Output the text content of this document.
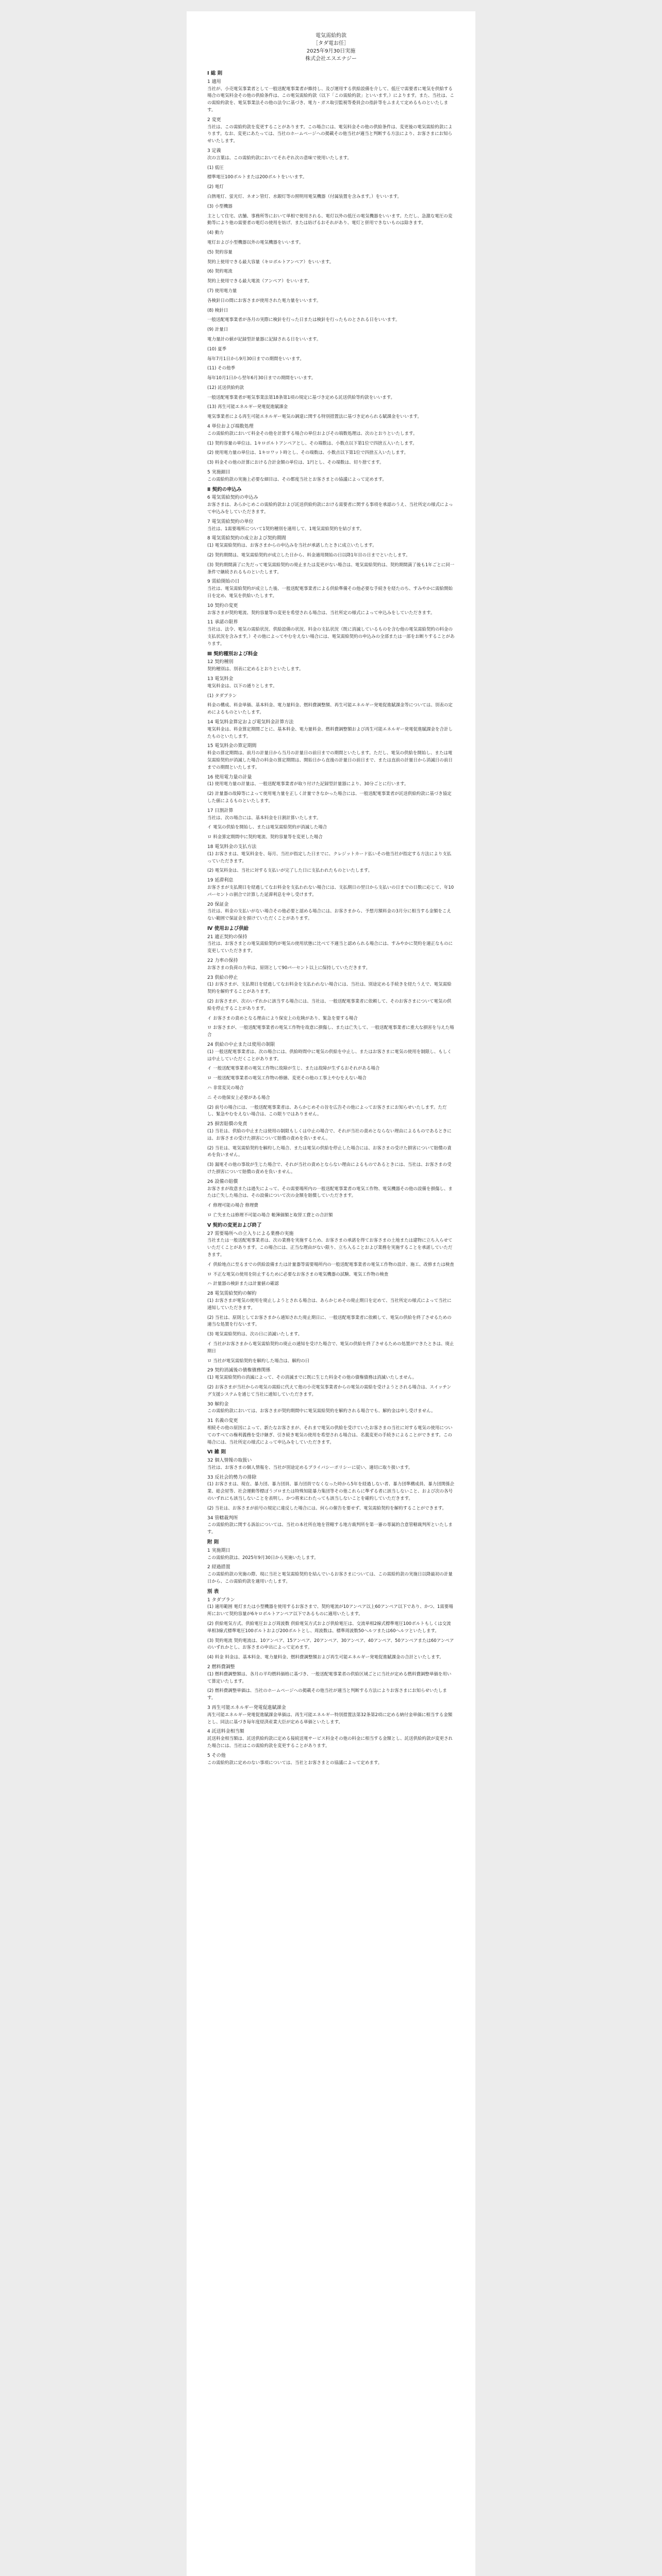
電気需給約款
［タダ電お任］
2025年9月30日実施
株式会社エスエナジー
Ⅰ 総 則
1 適用
当社が、小売電気事業者として一般送配電事業者が維持し、及び運用する供給設備を介して、低圧で需要者に電気を供給する場合の電気料金その他の供給条件は、この電気需給約款（以下「この需給約款」といいます。）によります。また、当社は、この需給約款を、電気事業法その他の法令に基づき、電力・ガス取引監視等委員会の指針等をふまえて定めるものといたします。
2 変更
当社は、この需給約款を変更することがあります。この場合には、電気料金その他の供給条件は、変更後の電気需給約款によります。なお、変更にあたっては、当社のホームページへの掲載その他当社が適当と判断する方法により、お客さまにお知らせいたします。
3 定義
次の言葉は、この需給約款においてそれぞれ次の意味で使用いたします。
(1) 低圧
標準電圧100ボルトまたは200ボルトをいいます。
(2) 電灯
白熱電灯、蛍光灯、ネオン管灯、水銀灯等の照明用電気機器（付属装置を含みます。）をいいます。
(3) 小型機器
主として住宅、店舗、事務所等において単相で使用される、電灯以外の低圧の電気機器をいいます。ただし、急激な電圧の変動等により他の需要者の電灯の使用を妨げ、または妨げるおそれがあり、電灯と併用できないものは除きます。
(4) 動力
電灯および小型機器以外の電気機器をいいます。
(5) 契約容量
契約上使用できる最大容量（キロボルトアンペア）をいいます。
(6) 契約電流
契約上使用できる最大電流（アンペア）をいいます。
(7) 使用電力量
各検針日の間にお客さまが使用された電力量をいいます。
(8) 検針日
一般送配電事業者が各月の実際に検針を行った日または検針を行ったものとされる日をいいます。
(9) 計量日
電力量計の値が記録型計量器に記録される日をいいます。
(10) 夏季
毎年7月1日から9月30日までの期間をいいます。
(11) その他季
毎年10月1日から翌年6月30日までの期間をいいます。
(12) 託送供給約款
一般送配電事業者が電気事業法第18条第1項の規定に基づき定める託送供給等約款をいいます。
(13) 再生可能エネルギー発電促進賦課金
電気事業者による再生可能エネルギー電気の調達に関する特別措置法に基づき定められる賦課金をいいます。
4 単位および端数処理
この需給約款において料金その他を計算する場合の単位およびその端数処理は、次のとおりといたします。
(1) 契約容量の単位は、1キロボルトアンペアとし、その端数は、小数点以下第1位で四捨五入いたします。
(2) 使用電力量の単位は、1キロワット時とし、その端数は、小数点以下第1位で四捨五入いたします。
(3) 料金その他の計算における合計金額の単位は、1円とし、その端数は、切り捨てます。
5 実施細目
この需給約款の実施上必要な細目は、その都度当社とお客さまとの協議によって定めます。
Ⅱ 契約の申込み
6 電気需給契約の申込み
お客さまは、あらかじめこの需給約款および託送供給約款における需要者に関する事項を承認のうえ、当社所定の様式によって申込みをしていただきます。
7 電気需給契約の単位
当社は、1需要場所について1契約種別を適用して、1電気需給契約を結びます。
8 電気需給契約の成立および契約期間
(1) 電気需給契約は、お客さまからの申込みを当社が承諾したときに成立いたします。
(2) 契約期間は、電気需給契約が成立した日から、料金適用開始の日以降1年目の日までといたします。
(3) 契約期間満了に先だって電気需給契約の廃止または変更がない場合は、電気需給契約は、契約期間満了後も1年ごとに同一条件で継続されるものといたします。
9 需給開始の日
当社は、電気需給契約が成立した後、一般送配電事業者による供給準備その他必要な手続きを経たのち、すみやかに需給開始日を定め、電気を供給いたします。
10 契約の変更
お客さまが契約電流、契約容量等の変更を希望される場合は、当社所定の様式によって申込みをしていただきます。
11 承諾の限界
当社は、法令、電気の需給状況、供給設備の状況、料金の支払状況（既に消滅しているものを含む他の電気需給契約の料金の支払状況を含みます。）その他によってやむをえない場合には、電気需給契約の申込みの全部または一部をお断りすることがあります。
Ⅲ 契約種別および料金
12 契約種別
契約種別は、別表に定めるとおりといたします。
13 電気料金
電気料金は、以下の通りとします。
(1) タダプラン
料金の構成、料金単価、基本料金、電力量料金、燃料費調整額、再生可能エネルギー発電促進賦課金等については、別表の定めによるものといたします。
14 電気料金算定および電気料金計算方法
電気料金は、料金算定期間ごとに、基本料金、電力量料金、燃料費調整額および再生可能エネルギー発電促進賦課金を合計したものといたします。
15 電気料金の算定期間
料金の算定期間は、前月の計量日から当月の計量日の前日までの期間といたします。ただし、電気の供給を開始し、または電気需給契約が消滅した場合の料金の算定期間は、開始日から直後の計量日の前日まで、または直前の計量日から消滅日の前日までの期間といたします。
16 使用電力量の計量
(1) 使用電力量の計量は、一般送配電事業者が取り付けた記録型計量器により、30分ごとに行います。
(2) 計量器の故障等によって使用電力量を正しく計量できなかった場合には、一般送配電事業者が託送供給約款に基づき協定した値によるものといたします。
17 日割計算
当社は、次の場合には、基本料金を日割計算いたします。
イ 電気の供給を開始し、または電気需給契約が消滅した場合
ロ 料金算定期間中に契約電流、契約容量等を変更した場合
18 電気料金の支払方法
(1) お客さまは、電気料金を、毎月、当社が指定した日までに、クレジットカード払いその他当社が指定する方法により支払っていただきます。
(2) 電気料金は、当社に対する支払いが完了した日に支払われたものといたします。
19 延滞利息
お客さまが支払期日を経過してなお料金を支払われない場合には、支払期日の翌日から支払いの日までの日数に応じて、年10パーセントの割合で計算した延滞利息を申し受けます。
20 保証金
当社は、料金の支払いがない場合その他必要と認める場合には、お客さまから、予想月額料金の3月分に相当する金額をこえない範囲で保証金を預けていただくことがあります。
Ⅳ 使用および供給
21 適正契約の保持
当社は、お客さまとの電気需給契約が電気の使用状態に比べて不適当と認められる場合には、すみやかに契約を適正なものに変更していただきます。
22 力率の保持
お客さまの負荷の力率は、原則として90パーセント以上に保持していただきます。
23 供給の停止
(1) お客さまが、支払期日を経過してなお料金を支払われない場合には、当社は、別途定める手続きを経たうえで、電気需給契約を解約することがあります。
(2) お客さまが、次のいずれかに該当する場合には、当社は、一般送配電事業者に依頼して、そのお客さまについて電気の供給を停止することがあります。
イ お客さまの責めとなる理由により保安上の危険があり、緊急を要する場合
ロ お客さまが、一般送配電事業者の電気工作物を故意に損傷し、または亡失して、一般送配電事業者に重大な損害を与えた場合
24 供給の中止または使用の制限
(1) 一般送配電事業者は、次の場合には、供給時間中に電気の供給を中止し、またはお客さまに電気の使用を制限し、もしくは中止していただくことがあります。
イ 一般送配電事業者の電気工作物に故障が生じ、または故障が生ずるおそれがある場合
ロ 一般送配電事業者の電気工作物の修繕、変更その他の工事上やむをえない場合
ハ 非常変災の場合
ニ その他保安上必要がある場合
(2) 前号の場合には、一般送配電事業者は、あらかじめその旨を広告その他によってお客さまにお知らせいたします。ただし、緊急やむをえない場合は、この限りではありません。
25 損害賠償の免責
(1) 当社は、供給の中止または使用の制限もしくは中止の場合で、それが当社の責めとならない理由によるものであるときには、お客さまの受けた損害について賠償の責めを負いません。
(2) 当社は、電気需給契約を解約した場合、または電気の供給を停止した場合には、お客さまの受けた損害について賠償の責めを負いません。
(3) 漏電その他の事故が生じた場合で、それが当社の責めとならない理由によるものであるときには、当社は、お客さまの受けた損害について賠償の責めを負いません。
26 設備の賠償
お客さまが故意または過失によって、その需要場所内の一般送配電事業者の電気工作物、電気機器その他の設備を損傷し、または亡失した場合は、その設備について次の金額を賠償していただきます。
イ 修理可能の場合 修理費
ロ 亡失または修理不可能の場合 帳簿価額と取替工費との合計額
Ⅴ 契約の変更および終了
27 需要場所への立入りによる業務の実施
当社または一般送配電事業者は、次の業務を実施するため、お客さまの承諾を得てお客さまの土地または建物に立ち入らせていただくことがあります。この場合には、正当な理由がない限り、立ち入ることおよび業務を実施することを承諾していただきます。
イ 供給地点に至るまでの供給設備または計量器等需要場所内の一般送配電事業者の電気工作物の設計、施工、改修または検査
ロ 不正な電気の使用を防止するために必要なお客さまの電気機器の試験、電気工作物の検査
ハ 計量器の検針または計量値の確認
28 電気需給契約の解約
(1) お客さまが電気の使用を廃止しようとされる場合は、あらかじめその廃止期日を定めて、当社所定の様式によって当社に通知していただきます。
(2) 当社は、原則としてお客さまから通知された廃止期日に、一般送配電事業者に依頼して、電気の供給を終了させるための適当な処置を行ないます。
(3) 電気需給契約は、次の日に消滅いたします。
イ 当社がお客さまから電気需給契約の廃止の通知を受けた場合で、電気の供給を終了させるための処置ができたときは、廃止期日
ロ 当社が電気需給契約を解約した場合は、解約の日
29 契約消滅後の債権債務関係
(1) 電気需給契約の消滅によって、その消滅までに既に生じた料金その他の債権債務は消滅いたしません。
(2) お客さまが当社からの電気の需給に代えて他の小売電気事業者からの電気の需給を受けようとされる場合は、スイッチング支援システムを通じて当社に通知していただきます。
30 解約金
この需給約款においては、お客さまが契約期間中に電気需給契約を解約される場合でも、解約金は申し受けません。
31 名義の変更
相続その他の原因によって、新たなお客さまが、それまで電気の供給を受けていたお客さまの当社に対する電気の使用についてのすべての権利義務を受け継ぎ、引き続き電気の使用を希望される場合は、名義変更の手続きによることができます。この場合には、当社所定の様式によって申込みをしていただきます。
Ⅵ 雑 則
32 個人情報の取扱い
当社は、お客さまの個人情報を、当社が別途定めるプライバシーポリシーに従い、適切に取り扱います。
33 反社会的勢力の排除
(1) お客さまは、現在、暴力団、暴力団員、暴力団員でなくなった時から5年を経過しない者、暴力団準構成員、暴力団関係企業、総会屋等、社会運動等標ぼうゴロまたは特殊知能暴力集団等その他これらに準ずる者に該当しないこと、および次の各号のいずれにも該当しないことを表明し、かつ将来にわたっても該当しないことを確約していただきます。
(2) 当社は、お客さまが前号の規定に違反した場合には、何らの催告を要せず、電気需給契約を解約することができます。
34 管轄裁判所
この需給約款に関する訴訟については、当社の本社所在地を管轄する地方裁判所を第一審の専属的合意管轄裁判所といたします。
附 則
1 実施期日
この需給約款は、2025年9月30日から実施いたします。
2 経過措置
この需給約款の実施の際、現に当社と電気需給契約を結んでいるお客さまについては、この需給約款の実施日以降最初の計量日から、この需給約款を適用いたします。
別 表
1 タダプラン
(1) 適用範囲 電灯または小型機器を使用するお客さまで、契約電流が10アンペア以上60アンペア以下であり、かつ、1需要場所において契約容量が6キロボルトアンペア以下であるものに適用いたします。
(2) 供給電気方式、供給電圧および周波数 供給電気方式および供給電圧は、交流単相2線式標準電圧100ボルトもしくは交流単相3線式標準電圧100ボルトおよび200ボルトとし、周波数は、標準周波数50ヘルツまたは60ヘルツといたします。
(3) 契約電流 契約電流は、10アンペア、15アンペア、20アンペア、30アンペア、40アンペア、50アンペアまたは60アンペアのいずれかとし、お客さまの申出によって定めます。
(4) 料金 料金は、基本料金、電力量料金、燃料費調整額および再生可能エネルギー発電促進賦課金の合計といたします。
2 燃料費調整
(1) 燃料費調整額は、各月の平均燃料価格に基づき、一般送配電事業者の供給区域ごとに当社が定める燃料費調整単価を用いて算定いたします。
(2) 燃料費調整単価は、当社のホームページへの掲載その他当社が適当と判断する方法によりお客さまにお知らせいたします。
3 再生可能エネルギー発電促進賦課金
再生可能エネルギー発電促進賦課金単価は、再生可能エネルギー特別措置法第32条第2項に定める納付金単価に相当する金額とし、同法に基づき毎年度経済産業大臣が定める単価といたします。
4 託送料金相当額
託送料金相当額は、託送供給約款に定める接続送電サービス料金その他の料金に相当する金額とし、託送供給約款が変更された場合には、当社はこの需給約款を変更することがあります。
5 その他
この需給約款に定めのない事項については、当社とお客さまとの協議によって定めます。
